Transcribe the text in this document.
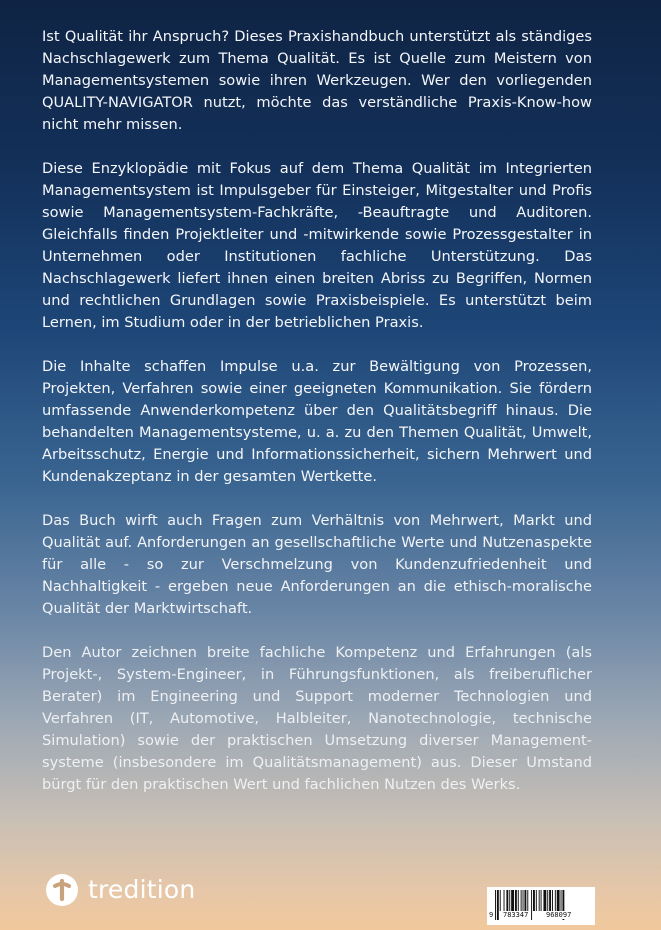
Ist Qualität ihr Anspruch? Dieses Praxishandbuch unterstützt als ständiges Nachschlagewerk zum Thema Qualität. Es ist Quelle zum Meistern von Managementsystemen sowie ihren Werkzeugen. Wer den vorliegenden QUALITY-NAVIGATOR nutzt, möchte das verständliche Praxis-Know-how nicht mehr missen.

Diese Enzyklopädie mit Fokus auf dem Thema Qualität im Integrierten Managementsystem ist Impulsgeber für Einsteiger, Mitgestalter und Profis sowie Managementsystem-Fachkräfte, -Beauftragte und Auditoren. Gleichfalls finden Projektleiter und -mitwirkende sowie Prozessgestalter in Unternehmen oder Institutionen fachliche Unterstützung. Das Nachschlagewerk liefert ihnen einen breiten Abriss zu Begriffen, Normen und rechtlichen Grundlagen sowie Praxisbeispiele. Es unterstützt beim Lernen, im Studium oder in der betrieblichen Praxis.

Die Inhalte schaffen Impulse u.a. zur Bewältigung von Prozessen, Projekten, Verfahren sowie einer geeigneten Kommunikation. Sie fördern umfassende Anwenderkompetenz über den Qualitätsbegriff hinaus. Die behandelten Managementsysteme, u. a. zu den Themen Qualität, Umwelt, Arbeitsschutz, Energie und Informationssicherheit, sichern Mehrwert und Kundenakzeptanz in der gesamten Wertkette.

Das Buch wirft auch Fragen zum Verhältnis von Mehrwert, Markt und Qualität auf. Anforderungen an gesellschaftliche Werte und Nutzenaspekte für alle - so zur Verschmelzung von Kundenzufriedenheit und Nachhaltigkeit - ergeben neue Anforderungen an die ethisch-moralische Qualität der Marktwirtschaft.

Den Autor zeichnen breite fachliche Kompetenz und Erfahrungen (als Projekt-, System-Engineer, in Führungsfunktionen, als freiberuflicher Berater) im Engineering und Support moderner Technologien und Verfahren (IT, Automotive, Halbleiter, Nanotechnologie, technische Simulation) sowie der praktischen Umsetzung diverser Managementsysteme (insbesondere im Qualitätsmanagement) aus. Dieser Umstand bürgt für den praktischen Wert und fachlichen Nutzen des Werks.

tredition
9 783347	968097
